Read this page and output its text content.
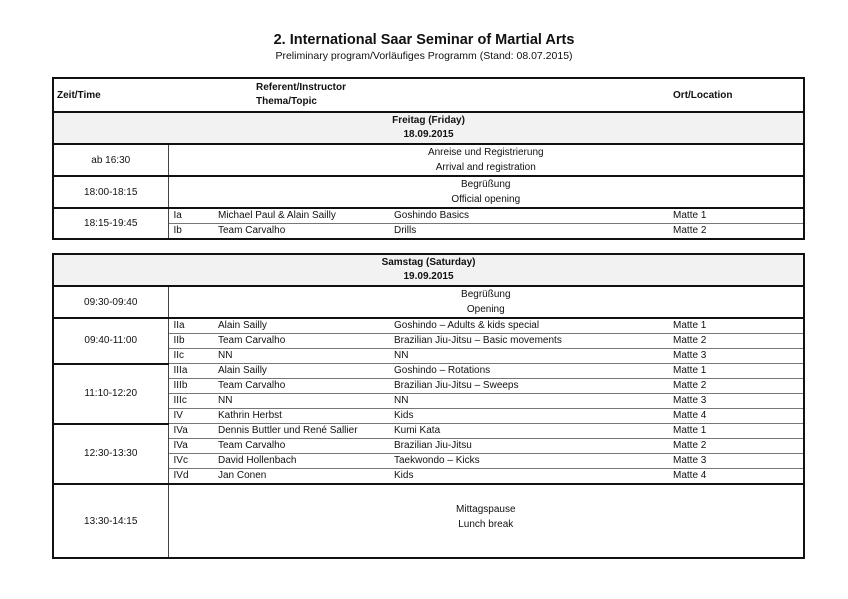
2. International Saar Seminar of Martial Arts
Preliminary program/Vorläufiges Programm (Stand: 08.07.2015)
Zeit/Time	Referent/Instructor
Thema/Topic			Ort/Location

Freitag (Friday)
18.09.2015				

ab 16:30	Anreise und Registrierung
Arrival and registration			

18:00-18:15	Begrüßung
Official opening			

18:15-19:45	Ia	Michael Paul & Alain Sailly	Goshindo Basics	Matte 1
	Ib	Team Carvalho	Drills	Matte 2
Samstag (Saturday)
19.09.2015				

09:30-09:40	Begrüßung
Opening			

09:40-11:00	IIa	Alain Sailly	Goshindo – Adults & kids special	Matte 1
	IIb	Team Carvalho	Brazilian Jiu-Jitsu – Basic movements	Matte 2
	IIc	NN	NN	Matte 3
11:10-12:20	IIIa	Alain Sailly	Goshindo – Rotations	Matte 1
	IIIb	Team Carvalho	Brazilian Jiu-Jitsu – Sweeps	Matte 2
	IIIc	NN	NN	Matte 3
	IV	Kathrin Herbst	Kids	Matte 4
12:30-13:30	IVa	Dennis Buttler und René Sallier	Kumi Kata	Matte 1
	IVa	Team Carvalho	Brazilian Jiu-Jitsu	Matte 2
	IVc	David Hollenbach	Taekwondo – Kicks	Matte 3
	IVd	Jan Conen	Kids	Matte 4
13:30-14:15	Mittagspause
Lunch break			
